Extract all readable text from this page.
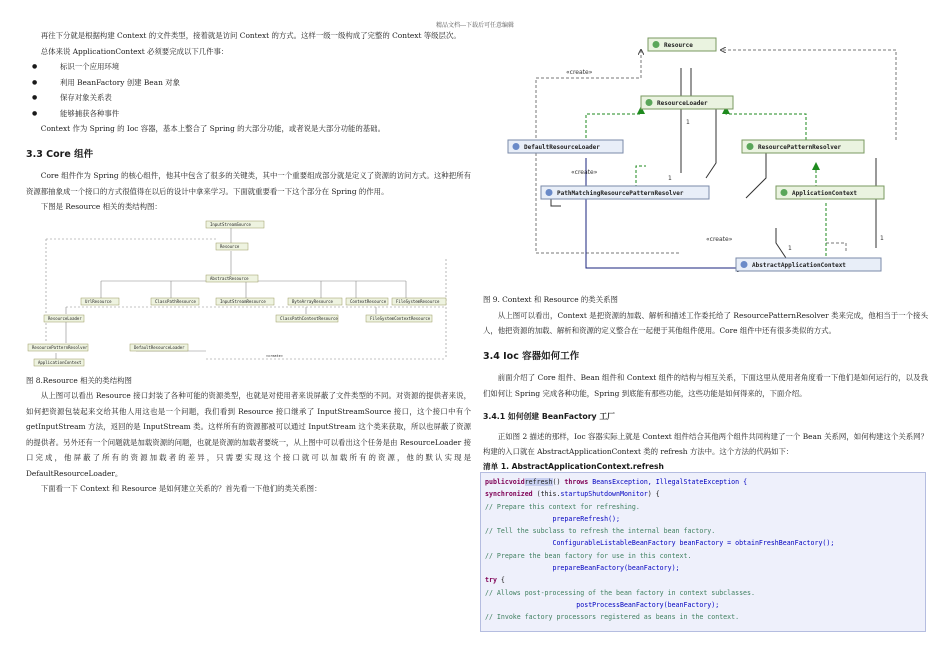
精品文档---下载后可任意编辑
再往下分就是根据构建 Context 的文件类型，接着就是访问 Context 的方式。这样一级一级构成了完整的 Context 等级层次。
总体来说 ApplicationContext 必须要完成以下几件事：
● 标识一个应用环境
● 利用 BeanFactory 创建 Bean 对象
● 保存对象关系表
● 能够捕获各种事件
Context 作为 Spring 的 Ioc 容器，基本上整合了 Spring 的大部分功能，或者说是大部分功能的基础。
3.3 Core 组件
Core 组件作为 Spring 的核心组件，他其中包含了很多的关键类，其中一个重要组成部分就是定义了资源的访问方式。这种把所有资源都抽象成一个接口的方式很值得在以后的设计中拿来学习。下面就重要看一下这个部分在 Spring 的作用。
下图是 Resource 相关的类结构图：
InputStreamSource
Resource
AbstractResource
UrlResource	ClassPathResource	InputStreamResource	ByteArrayResource	ContextResource FileSystemResource
ResourceLoader	ClassPathContextResource	FileSystemContextResource
ResourcePatternResolver	DefaultResourceLoader
ApplicationContext
«create»
图 8.Resource 相关的类结构图
从上图可以看出 Resource 接口封装了各种可能的资源类型，也就是对使用者来说屏蔽了文件类型的不同。对资源的提供者来说，如何把资源包装起来交给其他人用这也是一个问题，我们看到 Resource 接口继承了 InputStreamSource 接口，这个接口中有个 getInputStream 方法，返回的是 InputStream 类。这样所有的资源都被可以通过 InputStream 这个类来获取，所以也屏蔽了资源的提供者。另外还有一个问题就是加载资源的问题，也就是资源的加载者要统一，从上图中可以看出这个任务是由 ResourceLoader 接口完成，他屏蔽了所有的资源加载者的差异，只需要实现这个接口就可以加载所有的资源，他的默认实现是 DefaultResourceLoader。
下面看一下 Context 和 Resource 是如何建立关系的？首先看一下他们的类关系图：
Resource
ResourceLoader
DefaultResourceLoader	ResourcePatternResolver
PathMatchingResourcePatternResolver	ApplicationContext
AbstractApplicationContext
«create»
«create»
«create»
1
1
1
1
图 9. Context 和 Resource 的类关系图
从上图可以看出，Context 是把资源的加载、解析和描述工作委托给了 ResourcePatternResolver 类来完成，他相当于一个接头人，他把资源的加载、解析和资源的定义整合在一起便于其他组件使用。Core 组件中还有很多类似的方式。
3.4 Ioc 容器如何工作
前面介绍了 Core 组件、Bean 组件和 Context 组件的结构与相互关系，下面这里从使用者角度看一下他们是如何运行的，以及我们如何让 Spring 完成各种功能，Spring 到底能有那些功能，这些功能是如何得来的，下面介绍。
3.4.1 如何创建 BeanFactory 工厂
正如图 2 描述的那样，Ioc 容器实际上就是 Context 组件结合其他两个组件共同构建了一个 Bean 关系网，如何构建这个关系网？构建的入口就在 AbstractApplicationContext 类的 refresh 方法中。这个方法的代码如下：
清单 1. AbstractApplicationContext.refresh
publicvoidrefresh() throws BeansException, IllegalStateException {
synchronized (this.startupShutdownMonitor) {
// Prepare this context for refreshing.
prepareRefresh();
// Tell the subclass to refresh the internal bean factory.
ConfigurableListableBeanFactory beanFactory = obtainFreshBeanFactory();
// Prepare the bean factory for use in this context.
prepareBeanFactory(beanFactory);
try {
// Allows post-processing of the bean factory in context subclasses.
postProcessBeanFactory(beanFactory);
// Invoke factory processors registered as beans in the context.
